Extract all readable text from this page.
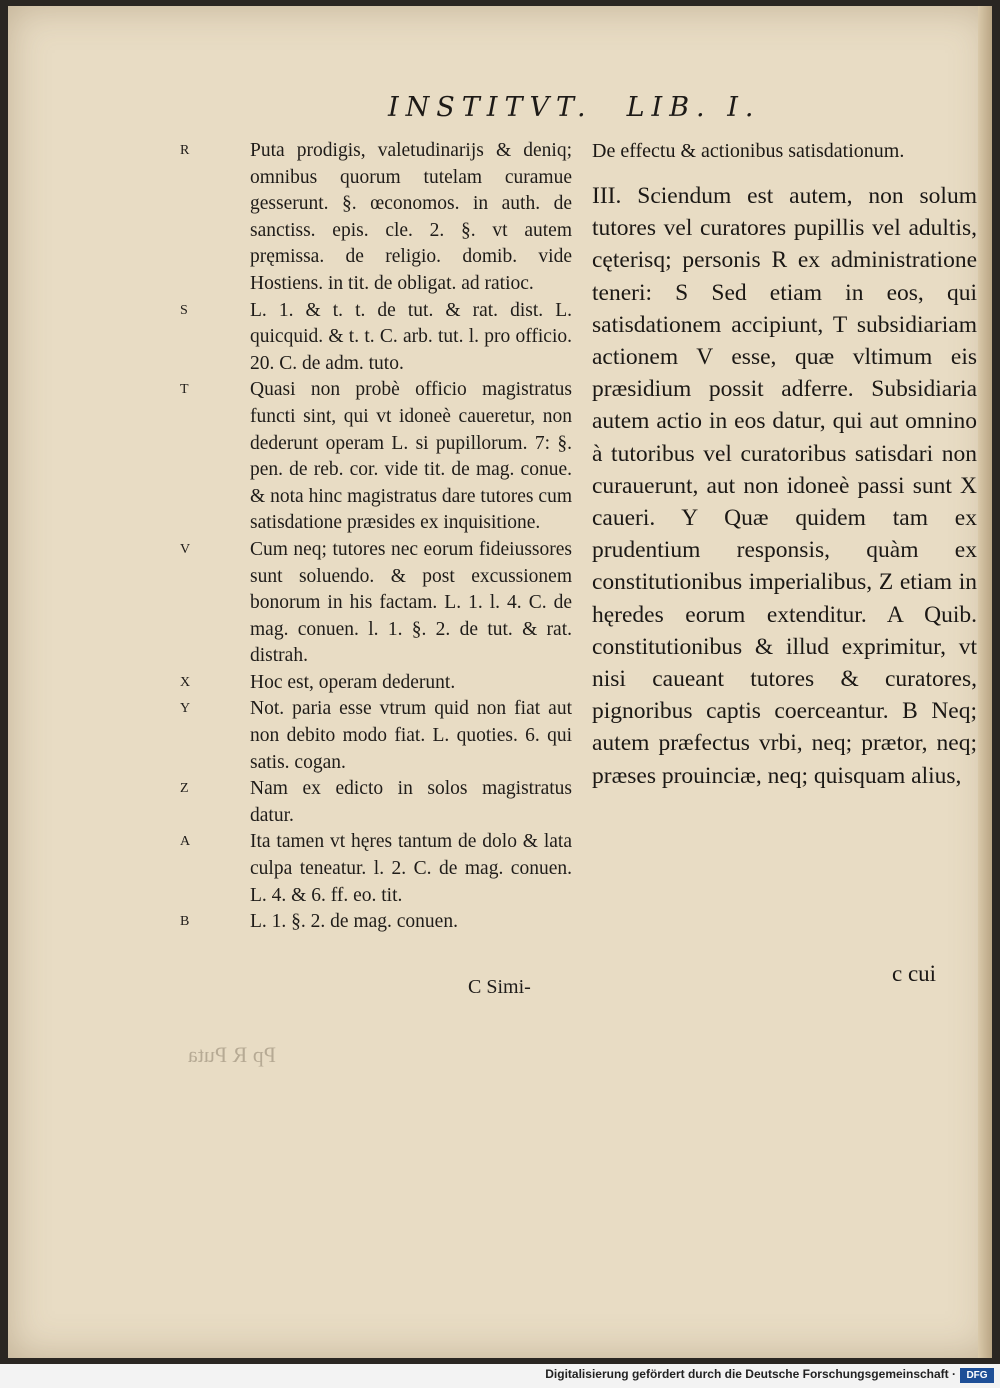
INSTITVT. LIB. I.
R	Puta prodigis, valetudinarijs & deniq; omnibus quorum tutelam curamue gesserunt. §. œconomos. in auth. de sanctiss. epis. cle. 2. §. vt autem pręmissa. de religio. domib. vide Hostiens. in tit. de obligat. ad ratioc.
S	L. 1. & t. t. de tut. & rat. dist. L. quicquid. & t. t. C. arb. tut. l. pro officio. 20. C. de adm. tuto.
T	Quasi non probè officio magistratus functi sint, qui vt idoneè caueretur, non dederunt operam L. si pupillorum. 7: §. pen. de reb. cor. vide tit. de mag. conue. & nota hinc magistratus dare tutores cum satisdatione præsides ex inquisitione.
V	Cum neq; tutores nec eorum fideiussores sunt soluendo. & post excussionem bonorum in his factam. L. 1. l. 4. C. de mag. conuen. l. 1. §. 2. de tut. & rat. distrah.
X	Hoc est, operam dederunt.
Y	Not. paria esse vtrum quid non fiat aut non debito modo fiat. L. quoties. 6. qui satis. cogan.
Z	Nam ex edicto in solos magistratus datur.
A	Ita tamen vt hęres tantum de dolo & lata culpa teneatur. l. 2. C. de mag. conuen. L. 4. & 6. ff. eo. tit.
B	L. 1. §. 2. de mag. conuen.
C Simi-
De effectu & actionibus satisdationum.
III. Sciendum est autem, non solum tutores vel curatores pupillis vel adultis, cęterisq; personis R ex administratione teneri: S Sed etiam in eos, qui satisdationem accipiunt, T subsidiariam actionem V esse, quæ vltimum eis præsidium possit adferre. Subsidiaria autem actio in eos datur, qui aut omnino à tutoribus vel curatoribus satisdari non curauerunt, aut non idoneè passi sunt X caueri. Y Quæ quidem tam ex prudentium responsis, quàm ex constitutionibus imperialibus, Z etiam in hęredes eorum extenditur. A Quib. constitutionibus & illud exprimitur, vt nisi caueant tutores & curatores, pignoribus captis coerceantur. B Neq; autem præfectus vrbi, neq; prætor, neq; præses prouinciæ, neq; quisquam alius,
c cui
Pp R Puta
Digitalisierung gefördert durch die Deutsche Forschungsgemeinschaft ·	DFG
